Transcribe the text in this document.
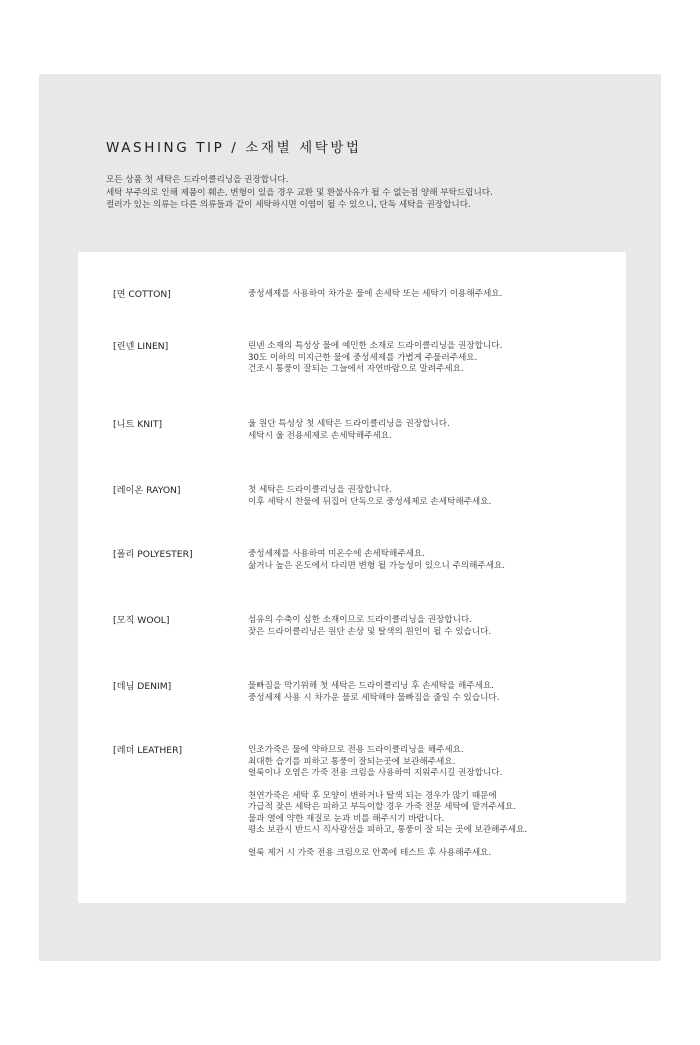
WASHING TIP / 소재별 세탁방법
모든 상품 첫 세탁은 드라이클리닝을 권장합니다.
세탁 부주의로 인해 제품이 훼손, 변형이 있을 경우 교환 및 환불사유가 될 수 없는점 양해 부탁드립니다.
컬러가 있는 의류는 다른 의류들과 같이 세탁하시면 이염이 될 수 있으니, 단독 세탁을 권장합니다.
[면 COTTON]	중성세제를 사용하여 차가운 물에 손세탁 또는 세탁기 이용해주세요.
[린넨 LINEN]	린넨 소재의 특성상 물에 예민한 소재로 드라이클리닝을 권장합니다.
30도 이하의 미지근한 물에 중성세제를 가볍게 주물러주세요.
건조시 통풍이 잘되는 그늘에서 자연바람으로 말려주세요.
[니트 KNIT]	울 원단 특성상 첫 세탁은 드라이클리닝을 권장합니다.
세탁시 울 전용세제로 손세탁해주세요.
[레이온 RAYON]	첫 세탁은 드라이클리닝을 권장합니다.
이후 세탁시 찬물에 뒤집어 단독으로 중성세제로 손세탁해주세요.
[폴리 POLYESTER]	중성세제를 사용하여 미온수에 손세탁해주세요.
삶거나 높은 온도에서 다리면 변형 될 가능성이 있으니 주의해주세요.
[모직 WOOL]	섬유의 수축이 심한 소재이므로 드라이클리닝을 권장합니다.
잦은 드라이클리닝은 원단 손상 및 탈색의 원인이 될 수 있습니다.
[데님 DENIM]	물빠짐을 막기위해 첫 세탁은 드라이클리닝 후 손세탁을 해주세요.
중성세제 사용 시 차가운 물로 세탁해야 물빠짐을 줄일 수 있습니다.
[레더 LEATHER]	인조가죽은 물에 약하므로 전용 드라이클리닝을 해주세요.
최대한 습기를 피하고 통풍이 잘되는곳에 보관해주세요.
얼룩이나 오염은 가죽 전용 크림을 사용하여 지워주시길 권장합니다.
천연가죽은 세탁 후 모양이 변하거나 탈색 되는 경우가 많기 때문에
가급적 잦은 세탁은 피하고 부득이할 경우 가죽 전문 세탁에 맡겨주세요.
물과 열에 약한 재질로 눈과 비를 해주시기 바랍니다.
평소 보관시 반드시 직사광선을 피하고, 통풍이 잘 되는 곳에 보관해주세요.
얼룩 제거 시 가죽 전용 크림으로 안쪽에 테스트 후 사용해주세요.
